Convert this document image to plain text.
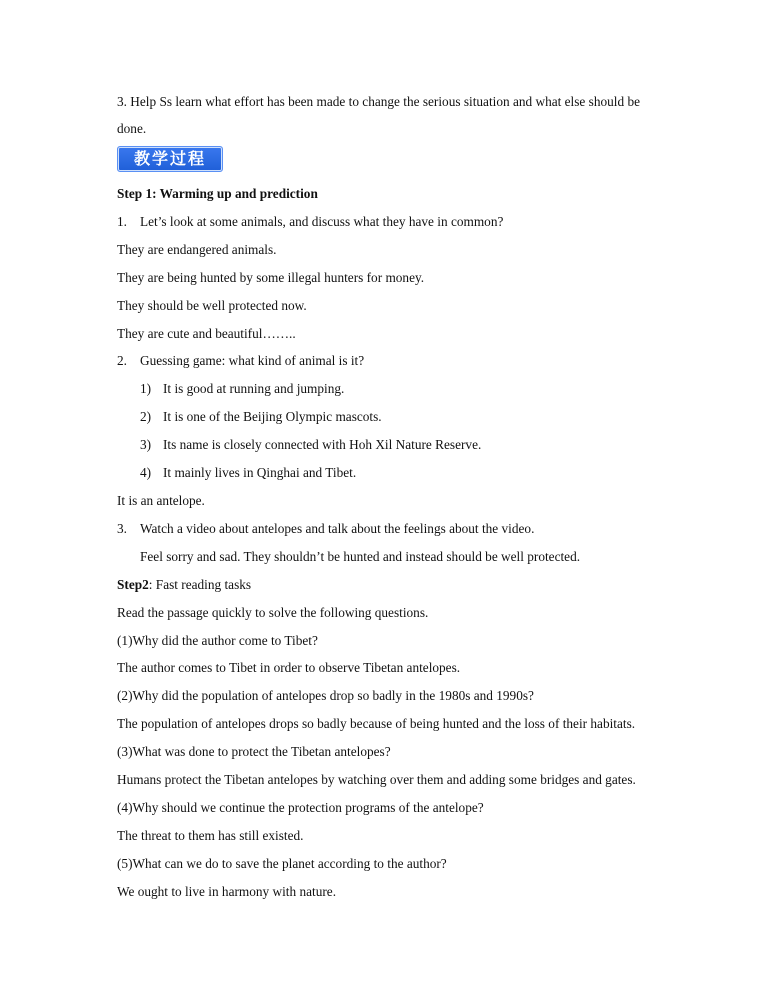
3. Help Ss learn what effort has been made to change the serious situation and what else should be
done.
教学过程
Step 1: Warming up and prediction
1. Let’s look at some animals, and discuss what they have in common?
They are endangered animals.
They are being hunted by some illegal hunters for money.
They should be well protected now.
They are cute and beautiful……..
2. Guessing game: what kind of animal is it?
1) It is good at running and jumping.
2) It is one of the Beijing Olympic mascots.
3) Its name is closely connected with Hoh Xil Nature Reserve.
4) It mainly lives in Qinghai and Tibet.
It is an antelope.
3. Watch a video about antelopes and talk about the feelings about the video.
Feel sorry and sad. They shouldn’t be hunted and instead should be well protected.
Step2: Fast reading tasks
Read the passage quickly to solve the following questions.
(1)Why did the author come to Tibet?
The author comes to Tibet in order to observe Tibetan antelopes.
(2)Why did the population of antelopes drop so badly in the 1980s and 1990s?
The population of antelopes drops so badly because of being hunted and the loss of their habitats.
(3)What was done to protect the Tibetan antelopes?
Humans protect the Tibetan antelopes by watching over them and adding some bridges and gates.
(4)Why should we continue the protection programs of the antelope?
The threat to them has still existed.
(5)What can we do to save the planet according to the author?
We ought to live in harmony with nature.
